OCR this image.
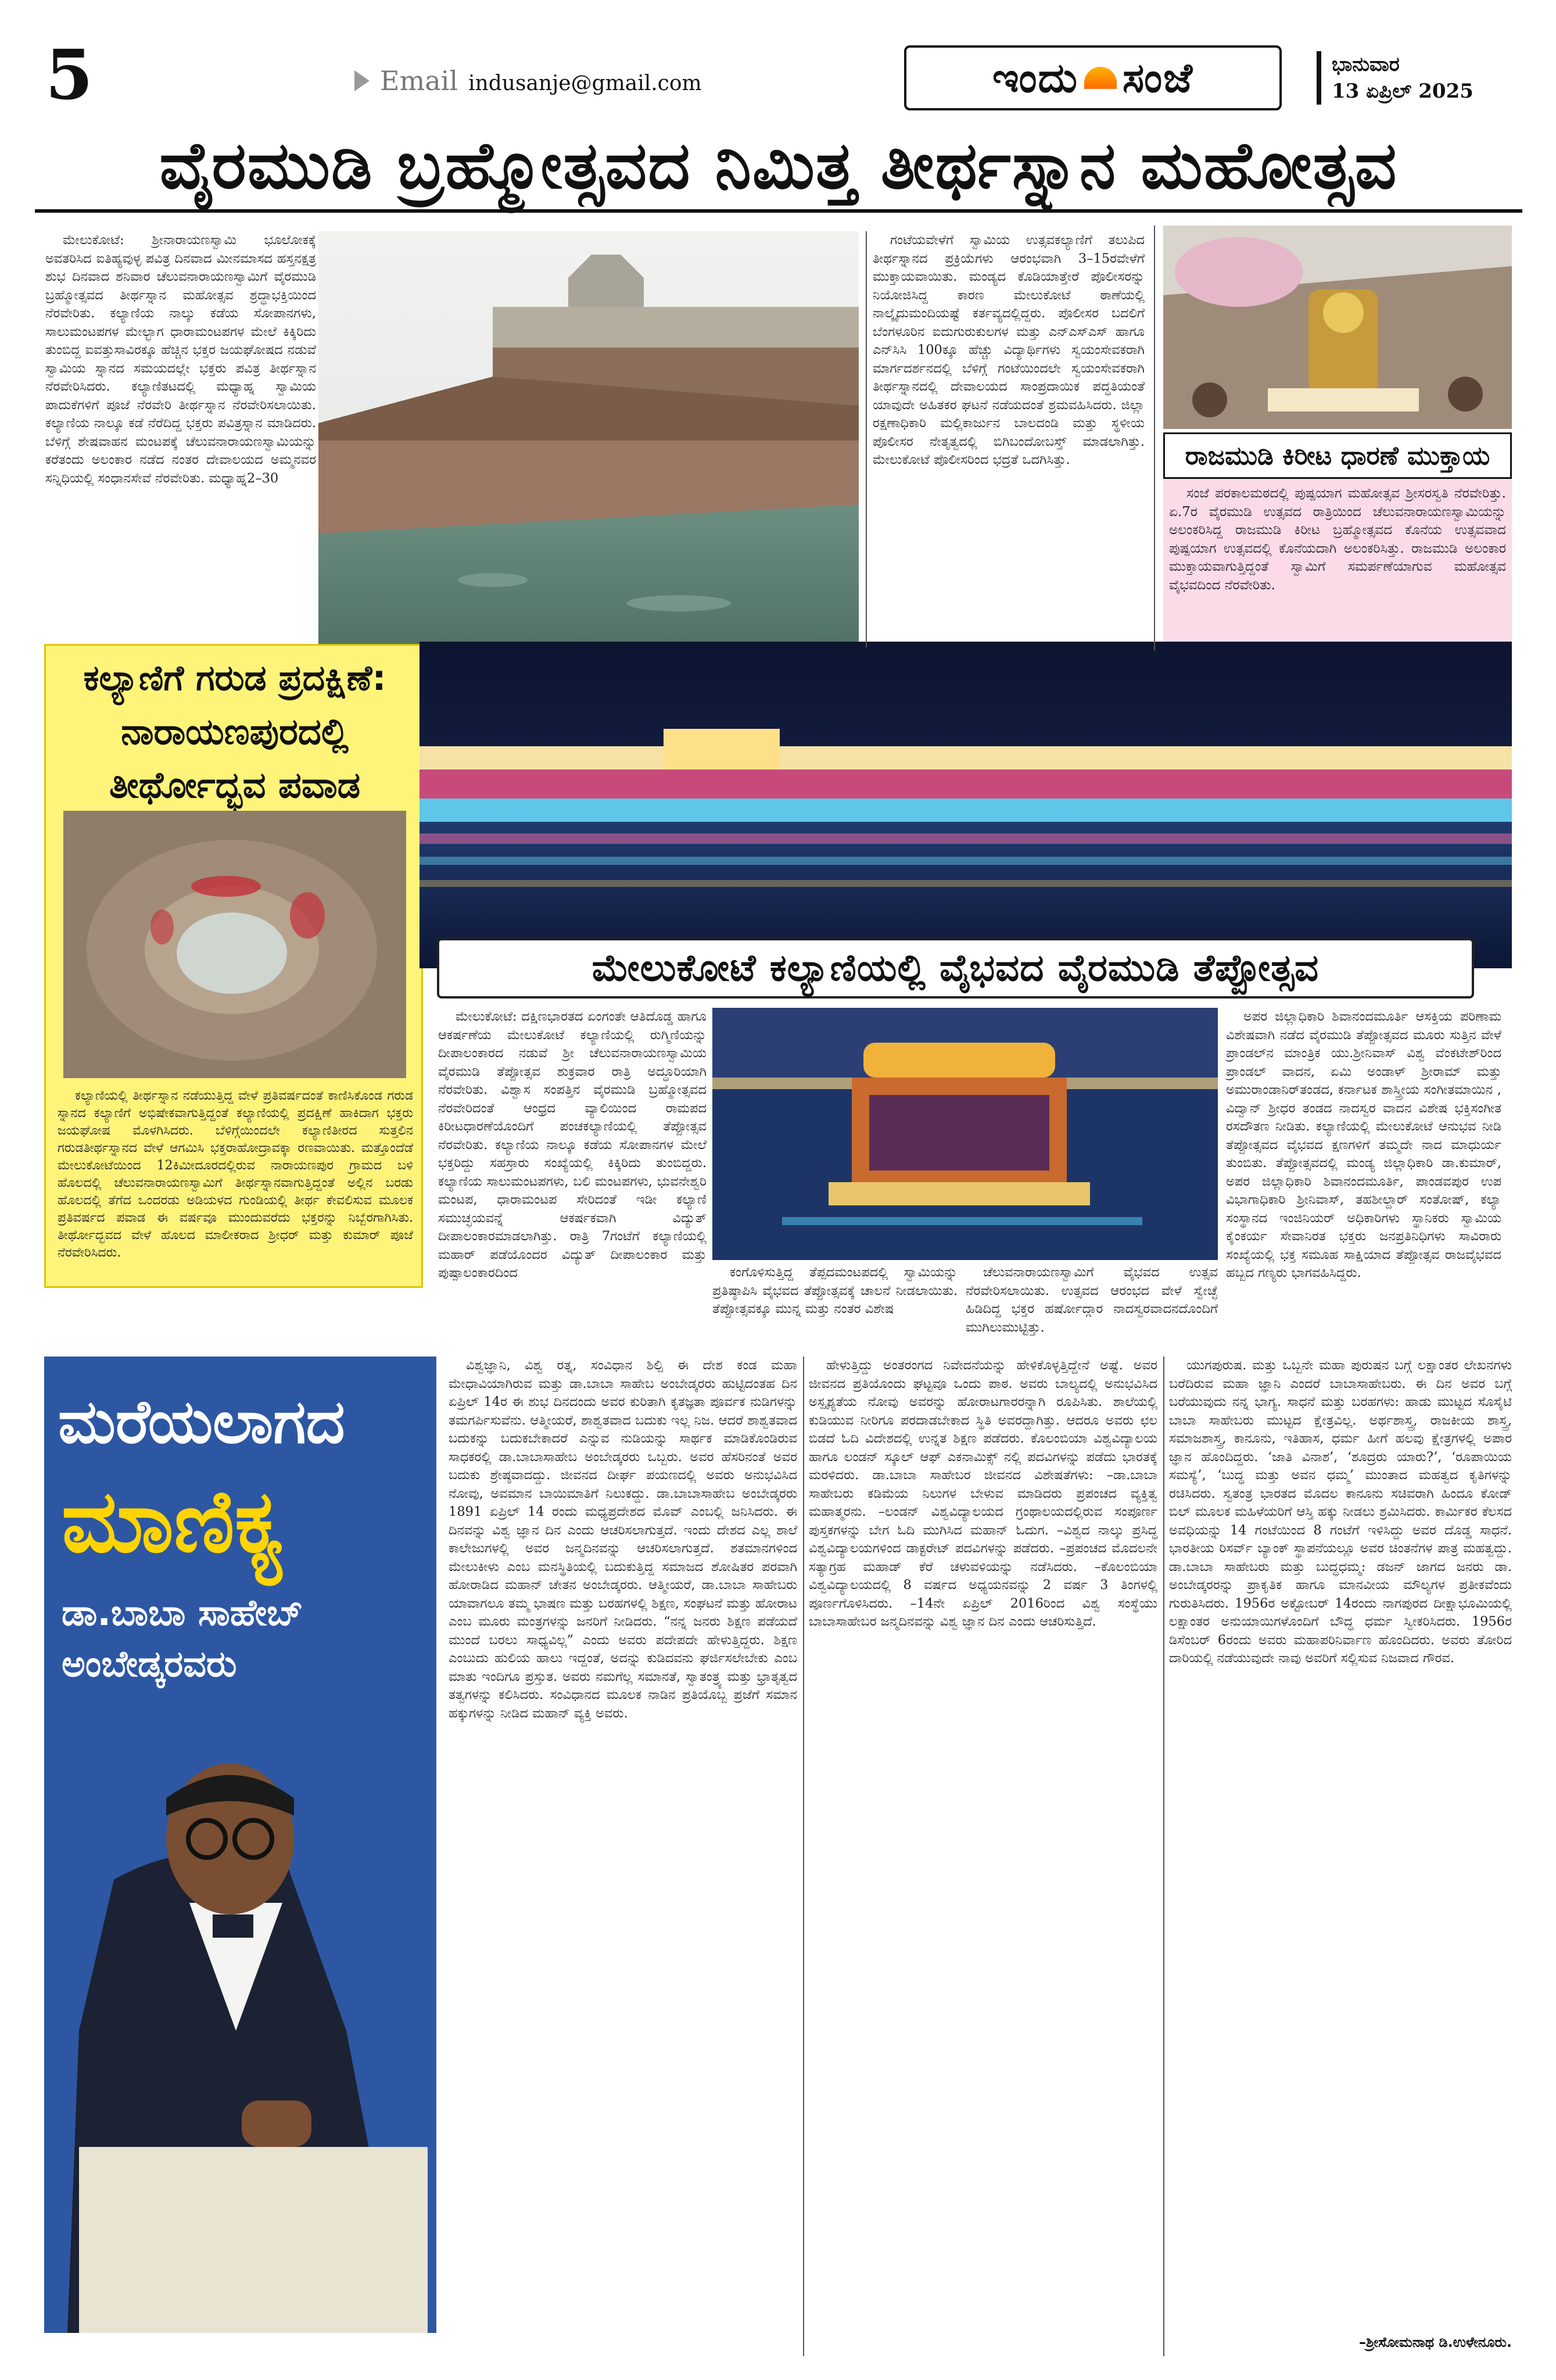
5	Email indusanje@gmail.com	ಇಂದು ಸಂಜೆ	ಭಾನುವಾರ
13 ಏಪ್ರಿಲ್ 2025
ವೈರಮುಡಿ ಬ್ರಹ್ಮೋತ್ಸವದ ನಿಮಿತ್ತ ತೀರ್ಥಸ್ನಾನ ಮಹೋತ್ಸವ

ಮೇಲುಕೋಟೆ: ಶ್ರೀನಾರಾಯಣಸ್ವಾಮಿ ಭೂಲೋಕಕ್ಕೆ ಅವತರಿಸಿದ ಐತಿಹ್ಯವುಳ್ಳ ಪವಿತ್ರ ದಿನವಾದ ಮೀನಮಾಸದ ಹಸ್ತನಕ್ಷತ್ರ ಶುಭ ದಿನವಾದ ಶನಿವಾರ ಚೆಲುವನಾರಾಯಣಸ್ವಾಮಿಗೆ ವೈರಮುಡಿ ಬ್ರಹ್ಮೋತ್ಸವದ ತೀರ್ಥಸ್ನಾನ ಮಹೋತ್ಸವ ಶ್ರದ್ಧಾಭಕ್ತಿಯಿಂದ ನೆರವೇರಿತು. ಕಲ್ಯಾಣಿಯ ನಾಲ್ಕು ಕಡೆಯ ಸೋಪಾನಗಳು, ಸಾಲುಮಂಟಪಗಳ ಮೇಲ್ಭಾಗ ಧಾರಾಮಂಟಪಗಳ ಮೇಲೆ ಕಿಕ್ಕಿರಿದು ತುಂಬಿದ್ದ ಐವತ್ತುಸಾವಿರಕ್ಕೂ ಹೆಚ್ಚಿನ ಭಕ್ತರ ಜಯಘೋಷದ ನಡುವೆ ಸ್ವಾಮಿಯ ಸ್ನಾನದ ಸಮಯದಲ್ಲೇ ಭಕ್ತರು ಪವಿತ್ರ ತೀರ್ಥಸ್ನಾನ ನೆರವೇರಿಸಿದರು. ಕಲ್ಯಾಣಿತಟದಲ್ಲಿ ಮಧ್ಯಾಹ್ನ ಸ್ವಾಮಿಯ ಪಾದುಕೆಗಳಿಗೆ ಪೂಜೆ ನೆರವೇರಿ ತೀರ್ಥಸ್ನಾನ ನೆರವೇರಿಸಲಾಯಿತು. ಕಲ್ಯಾಣಿಯ ನಾಲ್ಕೂ ಕಡೆ ನೆರೆದಿದ್ದ ಭಕ್ತರು ಪವಿತ್ರಸ್ನಾನ ಮಾಡಿದರು. ಬೆಳಿಗ್ಗೆ ಶೇಷವಾಹನ ಮಂಟಪಕ್ಕೆ ಚೆಲುವನಾರಾಯಣಸ್ವಾಮಿಯನ್ನು ಕರೆತಂದು ಅಲಂಕಾರ ನಡೆದ ನಂತರ ದೇವಾಲಯದ ಅಮ್ಮನವರ ಸನ್ನಿಧಿಯಲ್ಲಿ ಸಂಧಾನಸೇವೆ ನೆರವೇರಿತು. ಮಧ್ಯಾಹ್ನ2–30

ಗಂಟೆಯವೇಳೆಗೆ ಸ್ವಾಮಿಯ ಉತ್ಸವಕಲ್ಯಾಣಿಗೆ ತಲುಪಿದ ತೀರ್ಥಸ್ನಾನದ ಪ್ರಕ್ರಿಯೆಗಳು ಆರಂಭವಾಗಿ 3–15ರವೇಳೆಗೆ ಮುಕ್ತಾಯವಾಯಿತು. ಮಂಡ್ಯದ ಕೊಡಿಯಾತ್ತೇರೆ ಪೊಲೀಸರನ್ನು ನಿಯೋಜಿಸಿದ್ದ ಕಾರಣ ಮೇಲುಕೋಟೆ ಠಾಣೆಯಲ್ಲಿ ನಾಲ್ಕೈದುಮಂದಿಯಷ್ಟೆ ಕರ್ತವ್ಯದಲ್ಲಿದ್ದರು. ಪೊಲೀಸರ ಬದಲಿಗೆ ಬೆಂಗಳೂರಿನ ಐದುಗುರುಕುಲಗಳ ಮತ್ತು ಎನ್‌ಎಸ್‌ಎಸ್ ಹಾಗೂ ಎನ್‌ಸಿಸಿ 100ಕ್ಕೂ ಹೆಚ್ಚು ವಿದ್ಯಾರ್ಥಿಗಳು ಸ್ವಯಂಸೇವಕರಾಗಿ ಮಾರ್ಗದರ್ಶನದಲ್ಲಿ ಬೆಳಿಗ್ಗೆ ಗಂಟೆಯಿಂದಲೇ ಸ್ವಯಂಸೇವಕರಾಗಿ ತೀರ್ಥಸ್ನಾನದಲ್ಲಿ ದೇವಾಲಯದ ಸಾಂಪ್ರದಾಯಿಕ ಪದ್ಧತಿಯಂತೆ ಯಾವುದೇ ಅಹಿತಕರ ಘಟನೆ ನಡೆಯದಂತೆ ಶ್ರಮವಹಿಸಿದರು. ಜಿಲ್ಲಾ ರಕ್ಷಣಾಧಿಕಾರಿ ಮಲ್ಲಿಕಾರ್ಜುನ ಬಾಲದಂಡಿ ಮತ್ತು ಸ್ಥಳೀಯ ಪೊಲೀಸರ ನೇತೃತ್ವದಲ್ಲಿ ಬಿಗಿಬಂದೋಬಸ್ತ್ ಮಾಡಲಾಗಿತ್ತು. ಮೇಲುಕೋಟೆ ಪೊಲೀಸರಿಂದ ಭದ್ರತೆ ಒದಗಿಸಿತ್ತು.	ರಾಜಮುಡಿ ಕಿರೀಟ ಧಾರಣೆ ಮುಕ್ತಾಯ

ಸಂಜೆ ಪರಕಾಲಮಠದಲ್ಲಿ ಪುಷ್ಪಯಾಗ ಮಹೋತ್ಸವ ಶ್ರೀಸರಸ್ವತಿ ನೆರವೇರಿತ್ತು. ಏ.7ರ ವೈರಮುಡಿ ಉತ್ಸವದ ರಾತ್ರಿಯಿಂದ ಚೆಲುವನಾರಾಯಣಸ್ವಾಮಿಯನ್ನು ಅಲಂಕರಿಸಿದ್ದ ರಾಜಮುಡಿ ಕಿರೀಟ ಬ್ರಹ್ಮೋತ್ಸವದ ಕೊನೆಯ ಉತ್ಸವವಾದ ಪುಷ್ಪಯಾಗ ಉತ್ಸವದಲ್ಲಿ ಕೊನೆಯದಾಗಿ ಅಲಂಕರಿಸಿತ್ತು. ರಾಜಮುಡಿ ಅಲಂಕಾರ ಮುಕ್ತಾಯವಾಗುತ್ತಿದ್ದಂತೆ ಸ್ವಾಮಿಗೆ ಸಮರ್ಪಣೆಯಾಗುವ ಮಹೋತ್ಸವ ವೈಭವದಿಂದ ನೆರವೇರಿತು.

ಕಲ್ಯಾಣಿಗೆ ಗರುಡ ಪ್ರದಕ್ಷಿಣೆ:
ನಾರಾಯಣಪುರದಲ್ಲಿ
ತೀರ್ಥೋದ್ಭವ ಪವಾಡ

ಕಲ್ಯಾಣಿಯಲ್ಲಿ ತೀರ್ಥಸ್ನಾನ ನಡೆಯುತ್ತಿದ್ದ ವೇಳೆ ಪ್ರತಿವರ್ಷದಂತೆ ಕಾಣಿಸಿಕೊಂಡ ಗರುಡ ಸ್ನಾನದ ಕಲ್ಯಾಣಿಗೆ ಅಭಿಷೇಕವಾಗುತ್ತಿದ್ದಂತೆ ಕಲ್ಯಾಣಿಯಲ್ಲಿ ಪ್ರದಕ್ಷಿಣೆ ಹಾಕಿದಾಗ ಭಕ್ತರು ಜಯಘೋಷ ಮೊಳಗಿಸಿದರು. ಬೆಳಿಗ್ಗೆಯಿಂದಲೇ ಕಲ್ಯಾಣಿತೀರದ ಸುತ್ತಲಿನ ಗರುಡತೀರ್ಥಸ್ನಾನದ ವೇಳೆ ಆಗಮಿಸಿ ಭಕ್ತರಾಹೋದ್ರಾವಕ್ಕಾ ರಣವಾಯಿತು. ಮತ್ತೊಂದೆಡೆ ಮೇಲುಕೋಟೆಯಿಂದ 12ಕಿಮೀದೂರದಲ್ಲಿರುವ ನಾರಾಯಣಪುರ ಗ್ರಾಮದ ಬಳಿ ಹೊಲದಲ್ಲಿ ಚೆಲುವನಾರಾಯಣಸ್ವಾಮಿಗೆ ತೀರ್ಥಸ್ನಾನವಾಗುತ್ತಿದ್ದಂತೆ ಅಲ್ಲಿನ ಬರಡು ಹೊಲದಲ್ಲಿ ತೆಗೆದ ಒಂದರಡು ಅಡಿಯಳದ ಗುಂಡಿಯಲ್ಲಿ ತೀರ್ಥ ಕೇವಲಿಸುವ ಮೂಲಕ ಪ್ರತಿವರ್ಷದ ಪವಾಡ ಈ ವರ್ಷವೂ ಮುಂದುವರೆದು ಭಕ್ತರನ್ನು ನಿಬ್ಬೆರಗಾಗಿಸಿತು. ತೀರ್ಥೋದ್ಭವದ ವೇಳೆ ಹೊಲದ ಮಾಲೀಕರಾದ ಶ್ರೀಧರ್ ಮತ್ತು ಕುಮಾರ್ ಪೂಜೆ ನೆರವೇರಿಸಿದರು.

ಮೇಲುಕೋಟೆ ಕಲ್ಯಾಣಿಯಲ್ಲಿ ವೈಭವದ ವೈರಮುಡಿ ತೆಪ್ಪೋತ್ಸವ

ಮೇಲುಕೋಟೆ: ದಕ್ಷಿಣಭಾರತದ ಏಂಗಂತೇ ಆತಿದೊಡ್ಡ ಹಾಗೂ ಆಕರ್ಷಣೆಯ ಮೇಲುಕೋಟೆ ಕಲ್ಯಾಣಿಯಲ್ಲಿ ರುಗ್ಮಿಣಿಯನ್ನು ದೀಪಾಲಂಕಾರದ ನಡುವೆ ಶ್ರೀ ಚೆಲುವನಾರಾಯಣಸ್ವಾಮಿಯ ವೈರಮುಡಿ ತೆಪ್ಪೋತ್ಸವ ಶುಕ್ರವಾರ ರಾತ್ರಿ ಅದ್ಧೂರಿಯಾಗಿ ನೆರವೇರಿತು. ವಿಶ್ವಾಸ ಸಂಪತ್ತಿನ ವೈರಮುಡಿ ಬ್ರಹ್ಮೋತ್ಸವದ ನೆರವೇರಿದಂತೆ ಆಂಧ್ರದ ವ್ಯಾಲಿಯಿಂದ ರಾಮಪದ ಕಿರೀಟಧಾರಣೆಯೊಂದಿಗೆ ಪಂಚಕಲ್ಯಾಣಿಯಲ್ಲಿ ತೆಪ್ಪೋತ್ಸವ ನೆರವೇರಿತು. ಕಲ್ಯಾಣಿಯ ನಾಲ್ಕೂ ಕಡೆಯ ಸೋಪಾನಗಳ ಮೇಲೆ ಭಕ್ತರಿದ್ದು ಸಹಸ್ರಾರು ಸಂಖ್ಯೆಯಲ್ಲಿ ಕಿಕ್ಕಿರಿದು ತುಂಬಿದ್ದರು. ಕಲ್ಯಾಣಿಯ ಸಾಲುಮಂಟಪಗಳು, ಬಲಿ ಮಂಟಪಗಳು, ಭುವನೇಶ್ವರಿ ಮಂಟಪ, ಧಾರಾಮಂಟಪ ಸೇರಿದಂತೆ ಇಡೀ ಕಲ್ಯಾಣಿ ಸಮುಚ್ಛಯವನ್ನೆ ಆಕರ್ಷಕವಾಗಿ ವಿದ್ಯುತ್ ದೀಪಾಲಂಕಾರಮಾಡಲಾಗಿತ್ತು. ರಾತ್ರಿ 7ಗಂಟೆಗೆ ಕಲ್ಯಾಣಿಯಲ್ಲಿ ಮಹಾರ್ ಪಡೆಯೊಂದರ ವಿದ್ಯುತ್ ದೀಪಾಲಂಕಾರ ಮತ್ತು ಪುಷ್ಪಾಲಂಕಾರದಿಂದ	ಕಂಗೊಳಿಸುತ್ತಿದ್ದ ತೆಪ್ಪದಮಂಟಪದಲ್ಲಿ ಸ್ವಾಮಿಯನ್ನು ಪ್ರತಿಷ್ಠಾಪಿಸಿ ವೈಭವದ ತೆಪ್ಪೋತ್ಸವಕ್ಕೆ ಚಾಲನೆ ನೀಡಲಾಯಿತು. ತೆಪ್ಪೋತ್ಸವಕ್ಕೂ ಮುನ್ನ ಮತ್ತು ನಂತರ ವಿಶೇಷ

ಚೆಲುವನಾರಾಯಣಸ್ವಾಮಿಗೆ ವೈಭವದ ಉತ್ಸವ ನೆರವೇರಿಸಲಾಯಿತು. ಉತ್ಸವದ ಆರಂಭದ ವೇಳೆ ಸ್ವೇಚ್ಛೆ ಹಿಡಿದಿದ್ದ ಭಕ್ತರ ಹರ್ಷೋದ್ಗಾರ ನಾದಸ್ವರವಾದನದೊಂದಿಗೆ ಮುಗಿಲುಮುಟ್ಟಿತ್ತು.

ಅಪರ ಜಿಲ್ಲಾಧಿಕಾರಿ ಶಿವಾನಂದಮೂರ್ತಿ ಆಸಕ್ತಿಯ ಪರಿಣಾಮ ವಿಶೇಷವಾಗಿ ನಡೆದ ವೈರಮುಡಿ ತೆಪ್ಪೋತ್ಸವದ ಮೂರು ಸುತ್ತಿನ ವೇಳೆ ಪ್ರಾಂಡಲ್‌ನ ಮಾಂತ್ರಿಕ ಯು.ಶ್ರೀನಿವಾಸ್ ವಿಶ್ವ ವೆಂಕಟೇಶ್‌ರಿಂದ ಪ್ರಾಂಡಲ್ ವಾದನ, ಏಮಿ ಅಂಡಾಳ್ ಶ್ರೀರಾಮ್ ಮತ್ತು ಅಮುರಾಂಡಾನಿರ್‌ತಂಡದ, ಕರ್ನಾಟಕ ಶಾಸ್ತ್ರೀಯ ಸಂಗೀತಮಾಯಿನ , ವಿದ್ವಾನ್ ಶ್ರೀಧರ ತಂಡದ ನಾದಸ್ವರ ವಾದನ ವಿಶೇಷ ಭಕ್ತಿಸಂಗೀತ ರಸದೌತಣ ನೀಡಿತು. ಕಲ್ಯಾಣಿಯಲ್ಲಿ ಮೇಲುಕೋಟೆ ಆನುಭವ ನೀಡಿ ತೆಪ್ಪೋತ್ಸವದ ವೈಭವದ ಕ್ಷಣಗಳಿಗೆ ತಮ್ಮದೇ ನಾದ ಮಾಧುರ್ಯ ತುಂಬಿತು. ತೆಪ್ಪೋತ್ಸವದಲ್ಲಿ ಮಂಡ್ಯ ಜಿಲ್ಲಾಧಿಕಾರಿ ಡಾ.ಕುಮಾರ್, ಅಪರ ಜಿಲ್ಲಾಧಿಕಾರಿ ಶಿವಾನಂದಮೂರ್ತಿ, ಪಾಂಡವಪುರ ಉಪ ವಿಭಾಗಾಧಿಕಾರಿ ಶ್ರೀನಿವಾಸ್, ತಹಶೀಲ್ದಾರ್ ಸಂತೋಷ್, ಕಲ್ಯಾ ಸಂಸ್ಥಾನದ ಇಂಜಿನಿಯರ್ ಅಧಿಕಾರಿಗಳು ಸ್ಥಾನಿಕರು ಸ್ವಾಮಿಯ ಕೈಂಕರ್ಯ ಸೇವಾನಿರತ ಭಕ್ತರು ಜನಪ್ರತಿನಿಧಿಗಳು ಸಾವಿರಾರು ಸಂಖ್ಯೆಯಲ್ಲಿ ಭಕ್ತ ಸಮೂಹ ಸಾಕ್ಷಿಯಾದ ತೆಪ್ಪೋತ್ಸವ ರಾಜವೈಭವದ ಹಬ್ಬದ ಗಣ್ಯರು ಭಾಗವಹಿಸಿದ್ದರು.

ಮರೆಯಲಾಗದ
ಮಾಣಿಕ್ಯ
ಡಾ.ಬಾಬಾ ಸಾಹೇಬ್
ಅಂಬೇಡ್ಕರವರು

ವಿಶ್ವಜ್ಞಾನಿ, ವಿಶ್ವ ರತ್ನ, ಸಂವಿಧಾನ ಶಿಲ್ಪಿ ಈ ದೇಶ ಕಂಡ ಮಹಾ ಮೇಧಾವಿಯಾಗಿರುವ ಮತ್ತು ಡಾ.ಬಾಬಾ ಸಾಹೇಬ ಅಂಬೇಡ್ಕರರು ಹುಟ್ಟಿದಂತಹ ದಿನ ಏಪ್ರಿಲ್ 14ರ ಈ ಶುಭ ದಿನದಂದು ಅವರ ಕುರಿತಾಗಿ ಕೃತಜ್ಞತಾ ಪೂರ್ವಕ ನುಡಿಗಳನ್ನು ತಮಗರ್ಪಿಸುವೆನು. ಆತ್ಮೀಯರೆ, ಶಾಶ್ವತವಾದ ಬದುಕು ಇಲ್ಲ ನಿಜ. ಆದರೆ ಶಾಶ್ವತವಾದ ಬದುಕನ್ನು ಬದುಕಬೇಕಾದರೆ ಎನ್ನುವ ನುಡಿಯನ್ನು ಸಾರ್ಥಕ ಮಾಡಿಕೊಂಡಿರುವ ಸಾಧಕರಲ್ಲಿ ಡಾ.ಬಾಬಾಸಾಹೇಬ ಅಂಬೇಡ್ಕರರು ಒಬ್ಬರು. ಅವರ ಹೆಸರಿನಂತೆ ಅವರ ಬದುಕು ಶ್ರೇಷ್ಠವಾದದ್ದು. ಜೀವನದ ದೀರ್ಘ ಪಯಣದಲ್ಲಿ ಅವರು ಅನುಭವಿಸಿದ ನೋವು, ಅವಮಾನ ಬಾಯಿಮಾತಿಗೆ ನಿಲುಕದ್ದು. ಡಾ.ಬಾಬಾಸಾಹೇಬ ಅಂಬೇಡ್ಕರರು 1891 ಏಪ್ರಿಲ್ 14 ರಂದು ಮಧ್ಯಪ್ರದೇಶದ ಮೊವ್ ಎಂಬಲ್ಲಿ ಜನಿಸಿದರು. ಈ ದಿನವನ್ನು ವಿಶ್ವ ಜ್ಞಾನ ದಿನ ಎಂದು ಆಚರಿಸಲಾಗುತ್ತದೆ. ಇಂದು ದೇಶದ ಎಲ್ಲ ಶಾಲೆ ಕಾಲೇಜುಗಳಲ್ಲಿ ಅವರ ಜನ್ಮದಿನವನ್ನು ಆಚರಿಸಲಾಗುತ್ತದೆ. ಶತಮಾನಗಳಿಂದ ಮೇಲುಕೀಳು ಎಂಬ ಮನಸ್ಥಿತಿಯಲ್ಲಿ ಬದುಕುತ್ತಿದ್ದ ಸಮಾಜದ ಶೋಷಿತರ ಪರವಾಗಿ ಹೋರಾಡಿದ ಮಹಾನ್ ಚೇತನ ಅಂಬೇಡ್ಕರರು. ಆತ್ಮೀಯರೆ, ಡಾ.ಬಾಬಾ ಸಾಹೇಬರು ಯಾವಾಗಲೂ ತಮ್ಮ ಭಾಷಣ ಮತ್ತು ಬರಹಗಳಲ್ಲಿ ಶಿಕ್ಷಣ, ಸಂಘಟನೆ ಮತ್ತು ಹೋರಾಟ ಎಂಬ ಮೂರು ಮಂತ್ರಗಳನ್ನು ಜನರಿಗೆ ನೀಡಿದರು. “ನನ್ನ ಜನರು ಶಿಕ್ಷಣ ಪಡೆಯದೆ ಮುಂದೆ ಬರಲು ಸಾಧ್ಯವಿಲ್ಲ” ಎಂದು ಅವರು ಪದೇಪದೇ ಹೇಳುತ್ತಿದ್ದರು. ಶಿಕ್ಷಣ ಎಂಬುದು ಹುಲಿಯ ಹಾಲು ಇದ್ದಂತೆ, ಅದನ್ನು ಕುಡಿದವನು ಘರ್ಜಿಸಲೇಬೇಕು ಎಂಬ ಮಾತು ಇಂದಿಗೂ ಪ್ರಸ್ತುತ. ಅವರು ನಮಗೆಲ್ಲ ಸಮಾನತೆ, ಸ್ವಾತಂತ್ರ್ಯ ಮತ್ತು ಭ್ರಾತೃತ್ವದ ತತ್ವಗಳನ್ನು ಕಲಿಸಿದರು. ಸಂವಿಧಾನದ ಮೂಲಕ ನಾಡಿನ ಪ್ರತಿಯೊಬ್ಬ ಪ್ರಜೆಗೆ ಸಮಾನ ಹಕ್ಕುಗಳನ್ನು ನೀಡಿದ ಮಹಾನ್ ವ್ಯಕ್ತಿ ಅವರು.

ಹೇಳುತ್ತಿದ್ದು ಅಂತರಂಗದ ನಿವೇದನೆಯನ್ನು ಹೇಳಿಕೊಳ್ಳತ್ತಿದ್ದೇನೆ ಅಷ್ಟೆ. ಅವರ ಜೀವನದ ಪ್ರತಿಯೊಂದು ಘಟ್ಟವೂ ಒಂದು ಪಾಠ. ಅವರು ಬಾಲ್ಯದಲ್ಲಿ ಅನುಭವಿಸಿದ ಅಸ್ಪೃಶ್ಯತೆಯ ನೋವು ಅವರನ್ನು ಹೋರಾಟಗಾರರನ್ನಾಗಿ ರೂಪಿಸಿತು. ಶಾಲೆಯಲ್ಲಿ ಕುಡಿಯುವ ನೀರಿಗೂ ಪರದಾಡಬೇಕಾದ ಸ್ಥಿತಿ ಅವರದ್ದಾಗಿತ್ತು. ಆದರೂ ಅವರು ಛಲ ಬಿಡದೆ ಓದಿ ವಿದೇಶದಲ್ಲಿ ಉನ್ನತ ಶಿಕ್ಷಣ ಪಡೆದರು. ಕೊಲಂಬಿಯಾ ವಿಶ್ವವಿದ್ಯಾಲಯ ಹಾಗೂ ಲಂಡನ್ ಸ್ಕೂಲ್ ಆಫ್ ಎಕನಾಮಿಕ್ಸ್ ನಲ್ಲಿ ಪದವಿಗಳನ್ನು ಪಡೆದು ಭಾರತಕ್ಕೆ ಮರಳಿದರು. ಡಾ.ಬಾಬಾ ಸಾಹೇಬರ ಜೀವನದ ವಿಶೇಷತೆಗಳು: –ಡಾ.ಬಾಬಾ ಸಾಹೇಬರು ಕಡಿಮೆಯ ನಿಲುಗಳ ಬೇಳುವ ಮಾಡಿದರು ಪ್ರಪಂಚದ ವ್ಯಕ್ತಿತ್ವ ಮಹಾತ್ಮರನು. –ಲಂಡನ್ ವಿಶ್ವವಿದ್ಯಾಲಯದ ಗ್ರಂಥಾಲಯದಲ್ಲಿರುವ ಸಂಪೂರ್ಣ ಪುಸ್ತಕಗಳನ್ನು ಬೇಗ ಓದಿ ಮುಗಿಸಿದ ಮಹಾನ್ ಓದುಗ. –ವಿಶ್ವದ ನಾಲ್ಕು ಪ್ರಸಿದ್ಧ ವಿಶ್ವವಿದ್ಯಾಲಯಗಳಿಂದ ಡಾಕ್ಟರೇಟ್ ಪದವಿಗಳನ್ನು ಪಡೆದರು. –ಪ್ರಪಂಚದ ಮೊದಲನೇ ಸತ್ಯಾಗ್ರಹ ಮಹಾಡ್ ಕೆರೆ ಚಳುವಳಿಯನ್ನು ನಡೆಸಿದರು. –ಕೊಲಂಬಿಯಾ ವಿಶ್ವವಿದ್ಯಾಲಯದಲ್ಲಿ 8 ವರ್ಷದ ಅಧ್ಯಯನವನ್ನು 2 ವರ್ಷ 3 ತಿಂಗಳಲ್ಲಿ ಪೂರ್ಣಗೊಳಿಸಿದರು. –14ನೇ ಏಪ್ರಿಲ್ 2016ರಿಂದ ವಿಶ್ವ ಸಂಸ್ಥೆಯು ಬಾಬಾಸಾಹೇಬರ ಜನ್ಮದಿನವನ್ನು ವಿಶ್ವ ಜ್ಞಾನ ದಿನ ಎಂದು ಆಚರಿಸುತ್ತಿದೆ.

ಯುಗಪುರುಷ. ಮತ್ತು ಒಬ್ಬನೇ ಮಹಾ ಪುರುಷನ ಬಗ್ಗೆ ಲಕ್ಷಾಂತರ ಲೇಖನಗಳು ಬರೆದಿರುವ ಮಹಾ ಜ್ಞಾನಿ ಎಂದರೆ ಬಾಬಾಸಾಹೇಬರು. ಈ ದಿನ ಅವರ ಬಗ್ಗೆ ಬರೆಯುವುದು ನನ್ನ ಭಾಗ್ಯ. ಸಾಧನೆ ಮತ್ತು ಬರಹಗಳು: ಹಾಡು ಮುಟ್ಟದ ಸೊಸೈಟಿ ಬಾಬಾ ಸಾಹೇಬರು ಮುಟ್ಟದ ಕ್ಷೇತ್ರವಿಲ್ಲ. ಅರ್ಥಶಾಸ್ತ್ರ, ರಾಜಕೀಯ ಶಾಸ್ತ್ರ, ಸಮಾಜಶಾಸ್ತ್ರ, ಕಾನೂನು, ಇತಿಹಾಸ, ಧರ್ಮ ಹೀಗೆ ಹಲವು ಕ್ಷೇತ್ರಗಳಲ್ಲಿ ಅಪಾರ ಜ್ಞಾನ ಹೊಂದಿದ್ದರು. ‘ಜಾತಿ ವಿನಾಶ’, ‘ಶೂದ್ರರು ಯಾರು?’, ‘ರೂಪಾಯಿಯ ಸಮಸ್ಯೆ’, ‘ಬುದ್ಧ ಮತ್ತು ಅವನ ಧಮ್ಮ’ ಮುಂತಾದ ಮಹತ್ವದ ಕೃತಿಗಳನ್ನು ರಚಿಸಿದರು. ಸ್ವತಂತ್ರ ಭಾರತದ ಮೊದಲ ಕಾನೂನು ಸಚಿವರಾಗಿ ಹಿಂದೂ ಕೋಡ್ ಬಿಲ್ ಮೂಲಕ ಮಹಿಳೆಯರಿಗೆ ಆಸ್ತಿ ಹಕ್ಕು ನೀಡಲು ಶ್ರಮಿಸಿದರು. ಕಾರ್ಮಿಕರ ಕೆಲಸದ ಅವಧಿಯನ್ನು 14 ಗಂಟೆಯಿಂದ 8 ಗಂಟೆಗೆ ಇಳಿಸಿದ್ದು ಅವರ ದೊಡ್ಡ ಸಾಧನೆ. ಭಾರತೀಯ ರಿಸರ್ವ್ ಬ್ಯಾಂಕ್ ಸ್ಥಾಪನೆಯಲ್ಲೂ ಅವರ ಚಿಂತನೆಗಳ ಪಾತ್ರ ಮಹತ್ವದ್ದು. ಡಾ.ಬಾಬಾ ಸಾಹೇಬರು ಮತ್ತು ಬುದ್ಧಧಮ್ಮ: ಡಜನ್ ಜಾಗದ ಜನರು ಡಾ. ಅಂಬೇಡ್ಕರರನ್ನು ಪ್ರಾಕೃತಿಕ ಹಾಗೂ ಮಾನವೀಯ ಮೌಲ್ಯಗಳ ಪ್ರತೀಕವೆಂದು ಗುರುತಿಸಿದರು. 1956ರ ಅಕ್ಟೋಬರ್ 14ರಂದು ನಾಗಪುರದ ದೀಕ್ಷಾಭೂಮಿಯಲ್ಲಿ ಲಕ್ಷಾಂತರ ಅನುಯಾಯಿಗಳೊಂದಿಗೆ ಬೌದ್ಧ ಧರ್ಮ ಸ್ವೀಕರಿಸಿದರು. 1956ರ ಡಿಸೆಂಬರ್ 6ರಂದು ಅವರು ಮಹಾಪರಿನಿರ್ವಾಣ ಹೊಂದಿದರು. ಅವರು ತೋರಿದ ದಾರಿಯಲ್ಲಿ ನಡೆಯುವುದೇ ನಾವು ಅವರಿಗೆ ಸಲ್ಲಿಸುವ ನಿಜವಾದ ಗೌರವ.

–ಶ್ರೀಸೋಮನಾಥ ಡಿ.ಉಳೇನೂರು.
